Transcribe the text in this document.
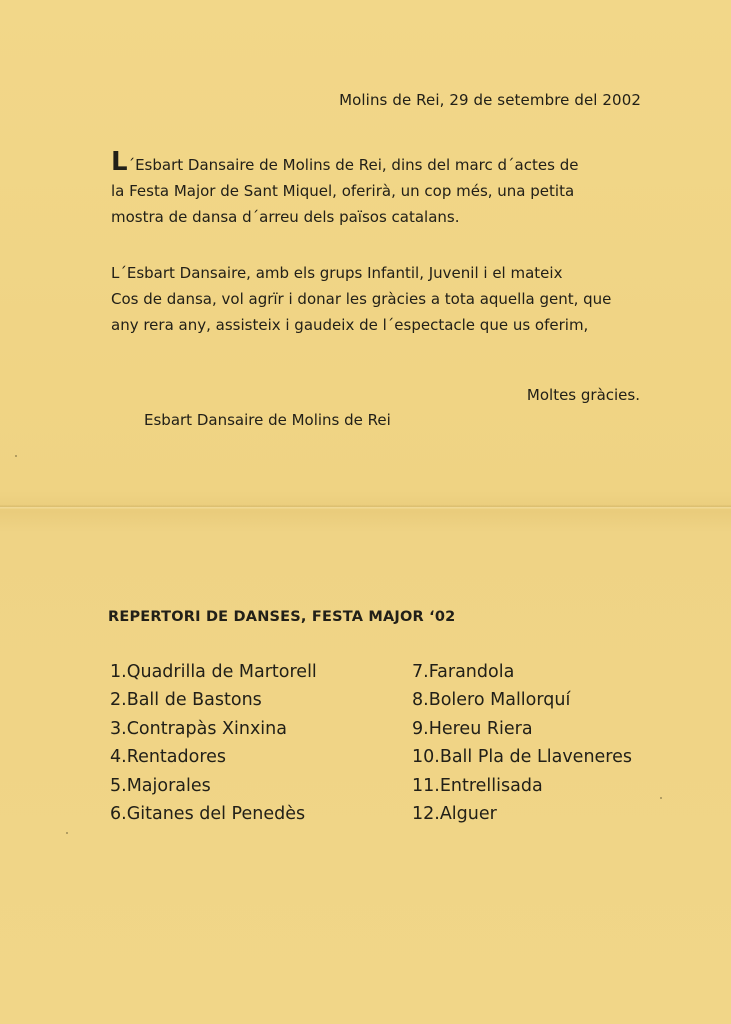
Molins de Rei, 29 de setembre del 2002

L´Esbart Dansaire de Molins de Rei, dins del marc d´actes de
la Festa Major de Sant Miquel, oferirà, un cop més, una petita
mostra de dansa d´arreu dels països catalans.

L´Esbart Dansaire, amb els grups Infantil, Juvenil i el mateix
Cos de dansa, vol agrïr i donar les gràcies a tota aquella gent, que
any rera any, assisteix i gaudeix de l´espectacle que us oferim,

Moltes gràcies.
Esbart Dansaire de Molins de Rei
REPERTORI DE DANSES, FESTA MAJOR ‘02
1.Quadrilla de Martorell
2.Ball de Bastons
3.Contrapàs Xinxina
4.Rentadores
5.Majorales
6.Gitanes del Penedès
7.Farandola
8.Bolero Mallorquí
9.Hereu Riera
10.Ball Pla de Llaveneres
11.Entrellisada
12.Alguer
